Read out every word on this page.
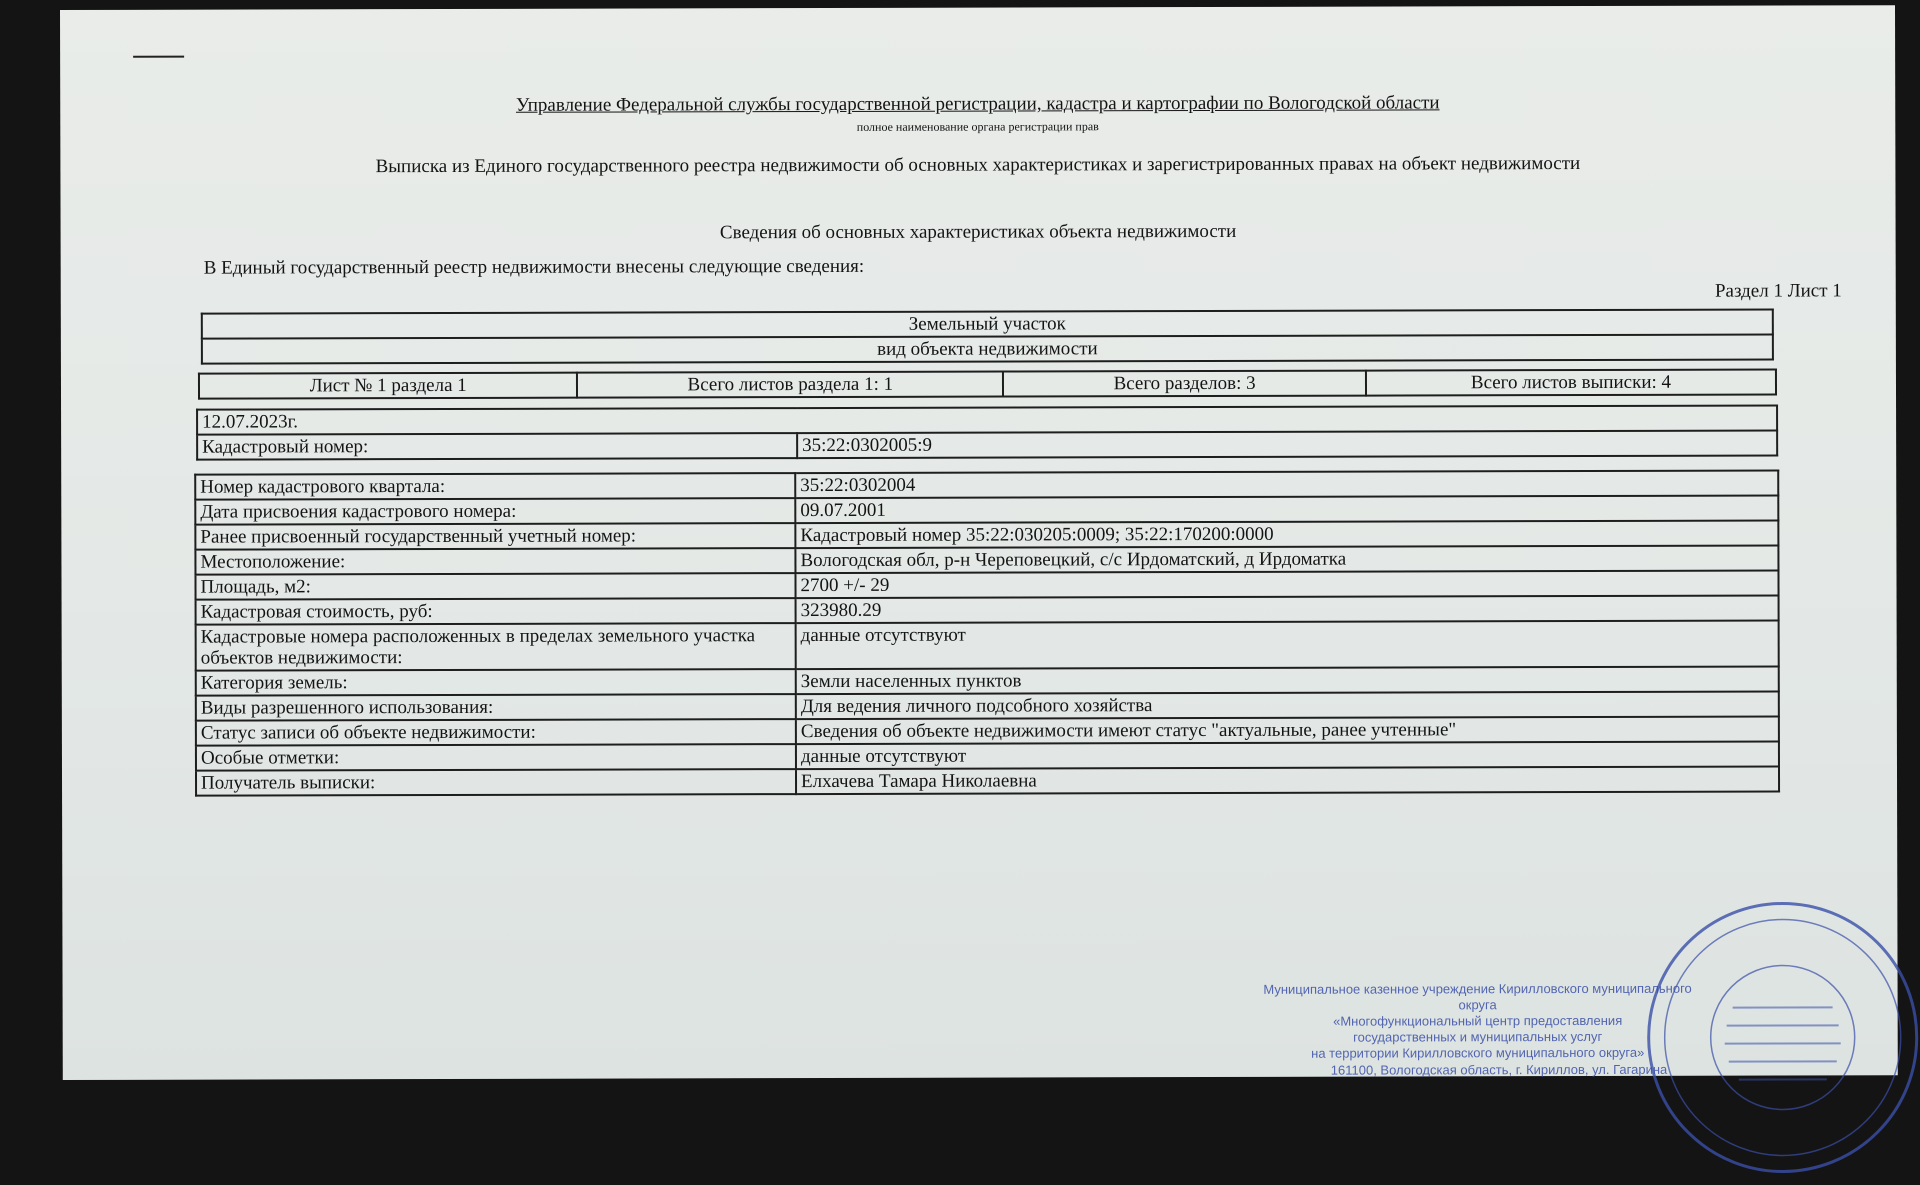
Управление Федеральной службы государственной регистрации, кадастра и картографии по Вологодской области
полное наименование органа регистрации прав
Выписка из Единого государственного реестра недвижимости об основных характеристиках и зарегистрированных правах на объект недвижимости
Сведения об основных характеристиках объекта недвижимости
В Единый государственный реестр недвижимости внесены следующие сведения:
Раздел 1 Лист 1
Земельный участок
вид объекта недвижимости
Лист № 1 раздела 1	Всего листов раздела 1: 1	Всего разделов: 3	Всего листов выписки: 4
12.07.2023г.
Кадастровый номер:	35:22:0302005:9
Номер кадастрового квартала:	35:22:0302004
Дата присвоения кадастрового номера:	09.07.2001
Ранее присвоенный государственный учетный номер:	Кадастровый номер 35:22:030205:0009; 35:22:170200:0000
Местоположение:	Вологодская обл, р-н Череповецкий, с/с Ирдоматский, д Ирдоматка
Площадь, м2:	2700 +/- 29
Кадастровая стоимость, руб:	323980.29
Кадастровые номера расположенных в пределах земельного участка объектов недвижимости:	данные отсутствуют
Категория земель:	Земли населенных пунктов
Виды разрешенного использования:	Для ведения личного подсобного хозяйства
Статус записи об объекте недвижимости:	Сведения об объекте недвижимости имеют статус "актуальные, ранее учтенные"
Особые отметки:	данные отсутствуют
Получатель выписки:	Елхачева Тамара Николаевна
Муниципальное казенное учреждение Кирилловского муниципального округа
«Многофункциональный центр предоставления
государственных и муниципальных услуг
на территории Кирилловского муниципального округа»
161100, Вологодская область, г. Кириллов, ул. Гагарина
